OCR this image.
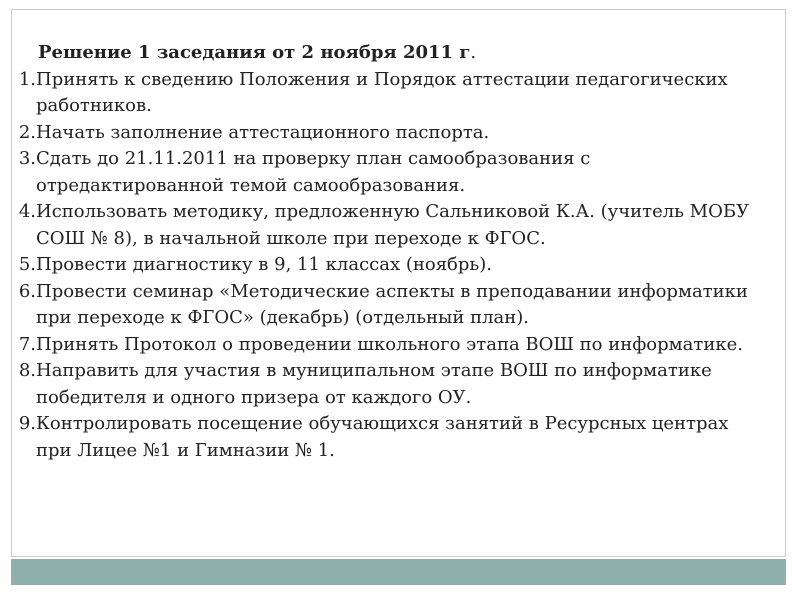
Решение 1 заседания от 2 ноября 2011 г.
1. Принять к сведению Положения и Порядок аттестации педагогических работников.
2. Начать заполнение аттестационного паспорта.
3. Сдать до 21.11.2011 на проверку план самообразования с отредактированной темой самообразования.
4. Использовать методику, предложенную Сальниковой К.А. (учитель МОБУ СОШ № 8), в начальной школе при переходе к ФГОС.
5. Провести диагностику в 9, 11 классах (ноябрь).
6. Провести семинар «Методические аспекты в преподавании информатики при переходе к ФГОС» (декабрь) (отдельный план).
7. Принять Протокол о проведении школьного этапа ВОШ по информатике.
8. Направить для участия в муниципальном этапе ВОШ по информатике победителя и одного призера от каждого ОУ.
9. Контролировать посещение обучающихся занятий в Ресурсных центрах при Лицее №1 и Гимназии № 1.
